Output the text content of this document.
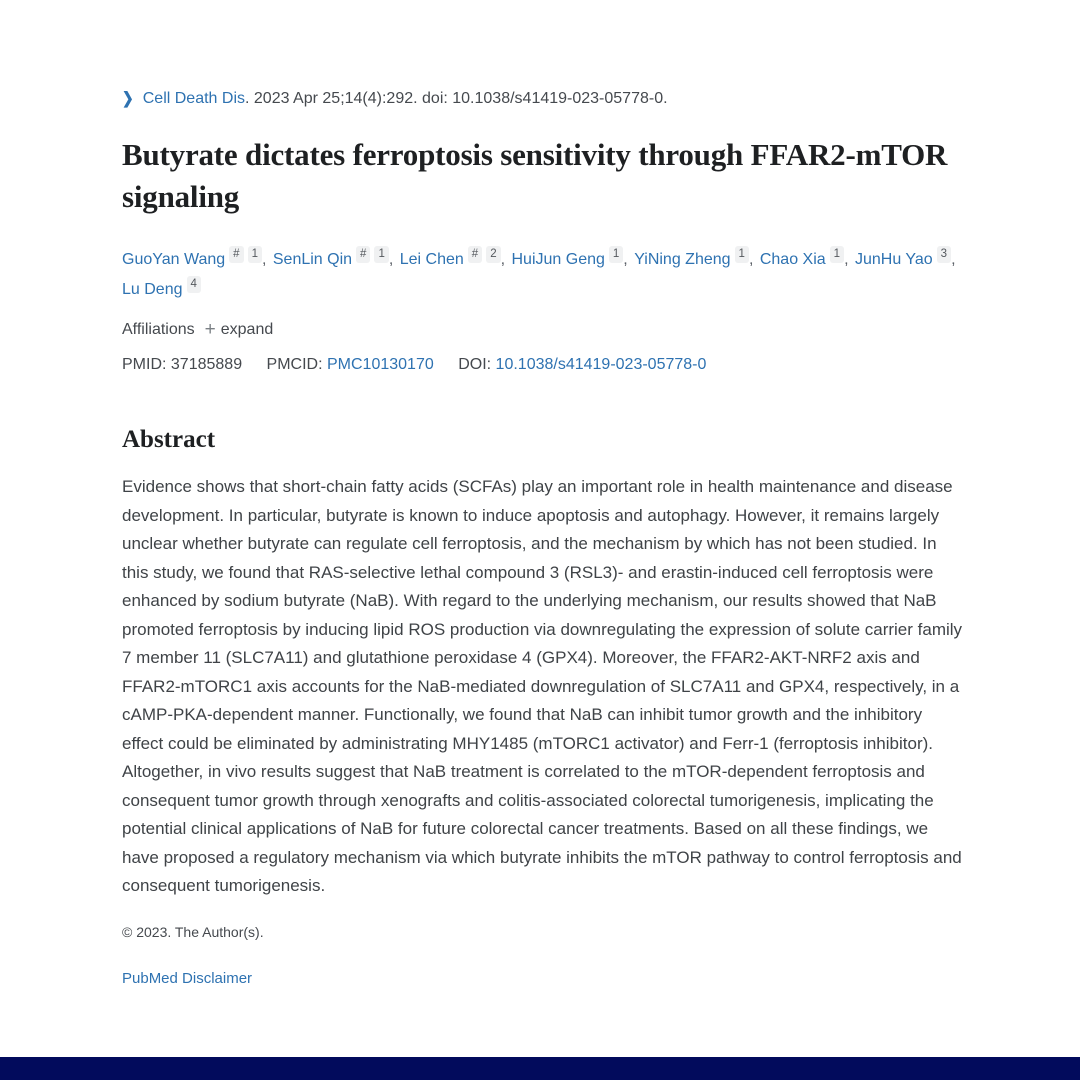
❯ Cell Death Dis. 2023 Apr 25;14(4):292. doi: 10.1038/s41419-023-05778-0.
Butyrate dictates ferroptosis sensitivity through FFAR2-mTOR signaling
GuoYan Wang # 1 , SenLin Qin # 1 , Lei Chen # 2 , HuiJun Geng 1 , YiNing Zheng 1 , Chao Xia 1 , JunHu Yao 3 , Lu Deng 4
Affiliations + expand
PMID: 37185889 PMCID: PMC10130170 DOI: 10.1038/s41419-023-05778-0
Abstract

Evidence shows that short-chain fatty acids (SCFAs) play an important role in health maintenance and disease development. In particular, butyrate is known to induce apoptosis and autophagy. However, it remains largely unclear whether butyrate can regulate cell ferroptosis, and the mechanism by which has not been studied. In this study, we found that RAS-selective lethal compound 3 (RSL3)- and erastin-induced cell ferroptosis were enhanced by sodium butyrate (NaB). With regard to the underlying mechanism, our results showed that NaB promoted ferroptosis by inducing lipid ROS production via downregulating the expression of solute carrier family 7 member 11 (SLC7A11) and glutathione peroxidase 4 (GPX4). Moreover, the FFAR2-AKT-NRF2 axis and FFAR2-mTORC1 axis accounts for the NaB-mediated downregulation of SLC7A11 and GPX4, respectively, in a cAMP-PKA-dependent manner. Functionally, we found that NaB can inhibit tumor growth and the inhibitory effect could be eliminated by administrating MHY1485 (mTORC1 activator) and Ferr-1 (ferroptosis inhibitor). Altogether, in vivo results suggest that NaB treatment is correlated to the mTOR-dependent ferroptosis and consequent tumor growth through xenografts and colitis-associated colorectal tumorigenesis, implicating the potential clinical applications of NaB for future colorectal cancer treatments. Based on all these findings, we have proposed a regulatory mechanism via which butyrate inhibits the mTOR pathway to control ferroptosis and consequent tumorigenesis.

© 2023. The Author(s).
PubMed Disclaimer
